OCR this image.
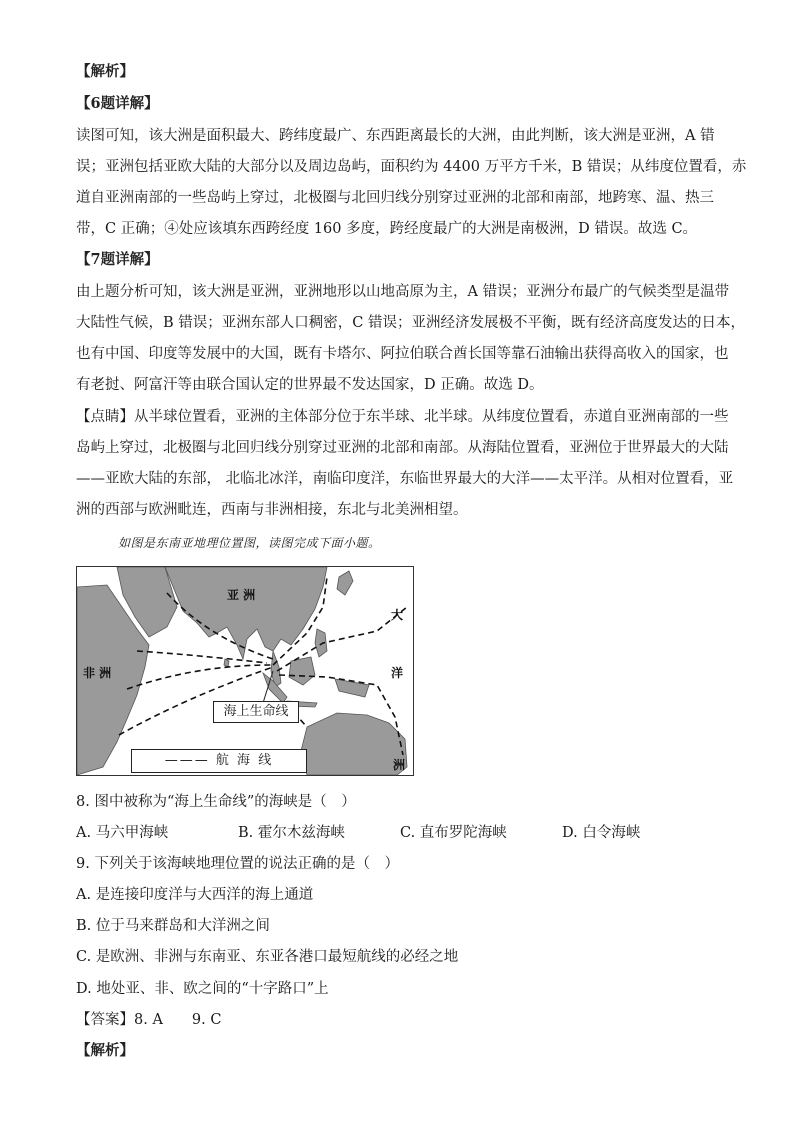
【解析】
【6题详解】
读图可知，该大洲是面积最大、跨纬度最广、东西距离最长的大洲，由此判断，该大洲是亚洲，A 错
误；亚洲包括亚欧大陆的大部分以及周边岛屿，面积约为 4400 万平方千米，B 错误；从纬度位置看，赤
道自亚洲南部的一些岛屿上穿过，北极圈与北回归线分别穿过亚洲的北部和南部，地跨寒、温、热三
带，C 正确；④处应该填东西跨经度 160 多度，跨经度最广的大洲是南极洲，D 错误。故选 C。
【7题详解】
由上题分析可知，该大洲是亚洲，亚洲地形以山地高原为主，A 错误；亚洲分布最广的气候类型是温带
大陆性气候，B 错误；亚洲东部人口稠密，C 错误；亚洲经济发展极不平衡，既有经济高度发达的日本，
也有中国、印度等发展中的大国，既有卡塔尔、阿拉伯联合酋长国等靠石油输出获得高收入的国家，也
有老挝、阿富汗等由联合国认定的世界最不发达国家，D 正确。故选 D。
【点睛】从半球位置看，亚洲的主体部分位于东半球、北半球。从纬度位置看，赤道自亚洲南部的一些
岛屿上穿过，北极圈与北回归线分别穿过亚洲的北部和南部。从海陆位置看，亚洲位于世界最大的大陆
——亚欧大陆的东部， 北临北冰洋，南临印度洋，东临世界最大的大洋——太平洋。从相对位置看，亚
洲的西部与欧洲毗连，西南与非洲相接，东北与北美洲相望。
如图是东南亚地理位置图，读图完成下面小题。
亚 洲
非 洲
大
洋
洲
海上生命线
——— 航 海 线
8. 图中被称为“海上生命线”的海峡是（　）
A. 马六甲海峡	B. 霍尔木兹海峡	C. 直布罗陀海峡	D. 白令海峡
9. 下列关于该海峡地理位置的说法正确的是（　）
A. 是连接印度洋与大西洋的海上通道
B. 位于马来群岛和大洋洲之间
C. 是欧洲、非洲与东南亚、东亚各港口最短航线的必经之地
D. 地处亚、非、欧之间的“十字路口”上
【答案】8. A　　9. C
【解析】
